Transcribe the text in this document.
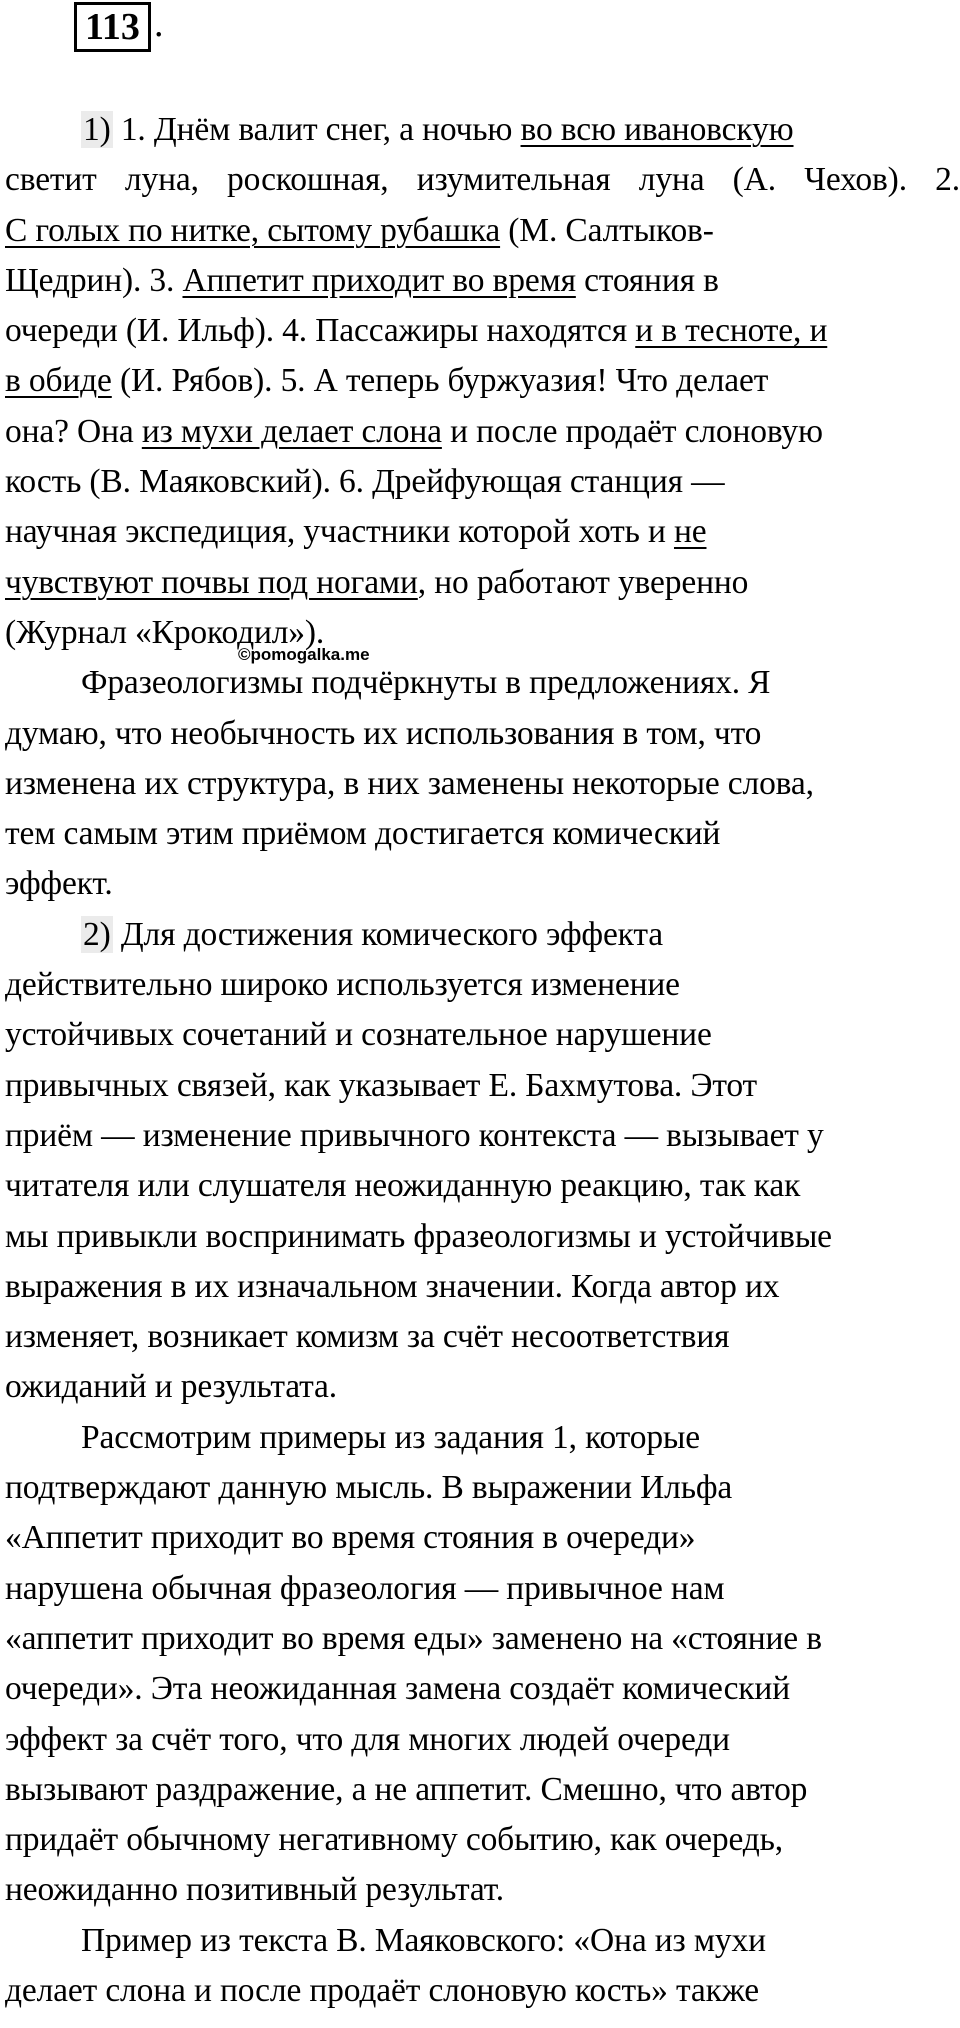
113 .
©pomogalka.me
1) 1. Днём валит снег, а ночью во всю ивановскую
светит луна, роскошная, изумительная луна (А. Чехов). 2.
С голых по нитке, сытому рубашка (М. Салтыков-
Щедрин). 3. Аппетит приходит во время стояния в
очереди (И. Ильф). 4. Пассажиры находятся и в тесноте, и
в обиде (И. Рябов). 5. А теперь буржуазия! Что делает
она? Она из мухи делает слона и после продаёт слоновую
кость (В. Маяковский). 6. Дрейфующая станция —
научная экспедиция, участники которой хоть и не
чувствуют почвы под ногами, но работают уверенно
(Журнал «Крокодил»).
Фразеологизмы подчёркнуты в предложениях. Я
думаю, что необычность их использования в том, что
изменена их структура, в них заменены некоторые слова,
тем самым этим приёмом достигается комический
эффект.
2) Для достижения комического эффекта
действительно широко используется изменение
устойчивых сочетаний и сознательное нарушение
привычных связей, как указывает Е. Бахмутова. Этот
приём — изменение привычного контекста — вызывает у
читателя или слушателя неожиданную реакцию, так как
мы привыкли воспринимать фразеологизмы и устойчивые
выражения в их изначальном значении. Когда автор их
изменяет, возникает комизм за счёт несоответствия
ожиданий и результата.
Рассмотрим примеры из задания 1, которые
подтверждают данную мысль. В выражении Ильфа
«Аппетит приходит во время стояния в очереди»
нарушена обычная фразеология — привычное нам
«аппетит приходит во время еды» заменено на «стояние в
очереди». Эта неожиданная замена создаёт комический
эффект за счёт того, что для многих людей очереди
вызывают раздражение, а не аппетит. Смешно, что автор
придаёт обычному негативному событию, как очередь,
неожиданно позитивный результат.
Пример из текста В. Маяковского: «Она из мухи
делает слона и после продаёт слоновую кость» также
